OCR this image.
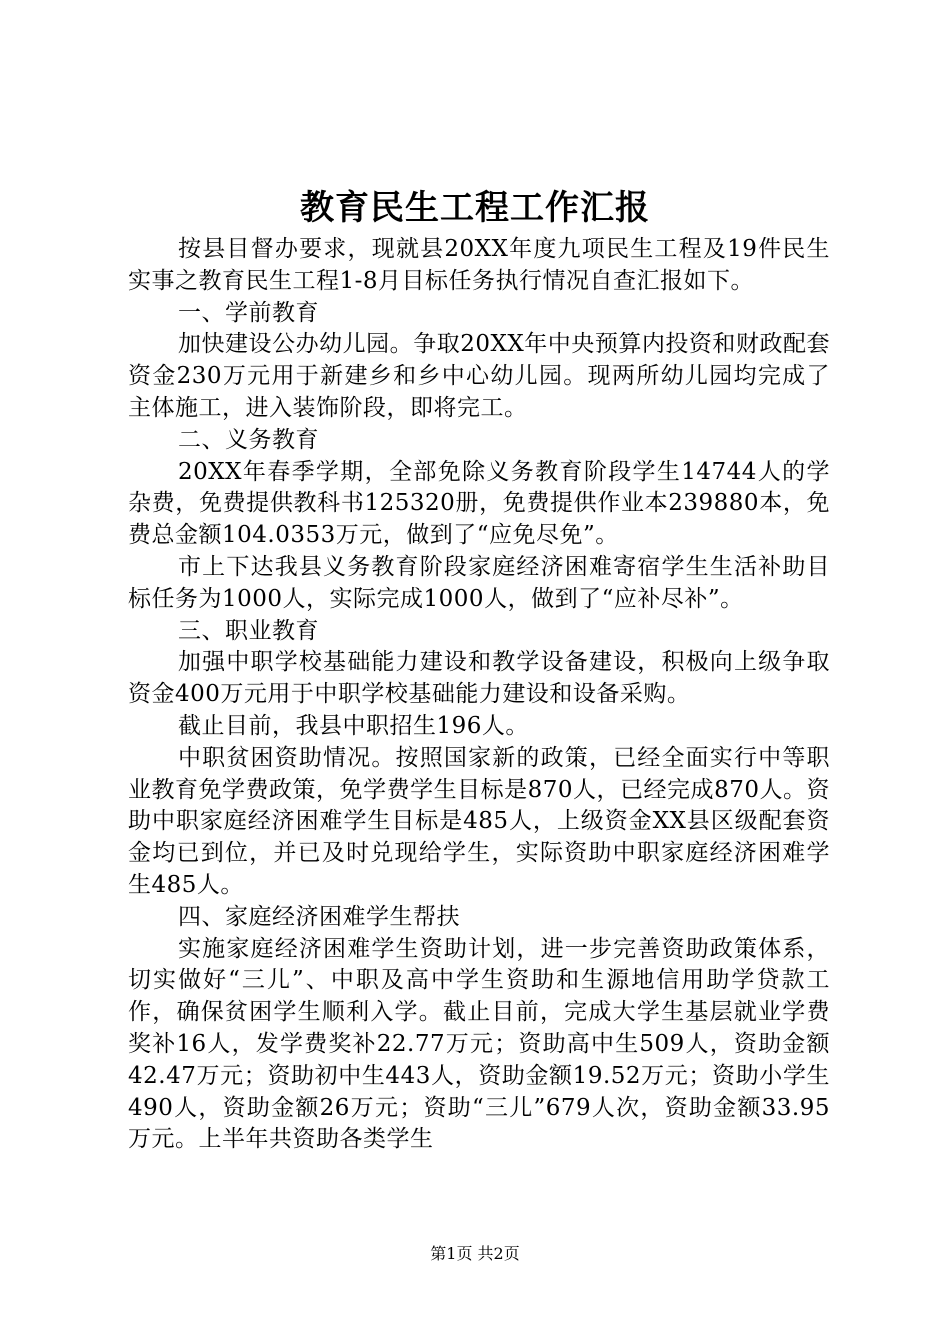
教育民生工程工作汇报

按县目督办要求，现就县20XX年度九项民生工程及19件民生实事之教育民生工程1-8月目标任务执行情况自查汇报如下。

一、学前教育

加快建设公办幼儿园。争取20XX年中央预算内投资和财政配套资金230万元用于新建乡和乡中心幼儿园。现两所幼儿园均完成了主体施工，进入装饰阶段，即将完工。

二、义务教育

20XX年春季学期，全部免除义务教育阶段学生14744人的学杂费，免费提供教科书125320册，免费提供作业本239880本，免费总金额104.0353万元，做到了“应免尽免”。

市上下达我县义务教育阶段家庭经济困难寄宿学生生活补助目标任务为1000人，实际完成1000人，做到了“应补尽补”。

三、职业教育

加强中职学校基础能力建设和教学设备建设，积极向上级争取资金400万元用于中职学校基础能力建设和设备采购。

截止目前，我县中职招生196人。

中职贫困资助情况。按照国家新的政策，已经全面实行中等职业教育免学费政策，免学费学生目标是870人，已经完成870人。资助中职家庭经济困难学生目标是485人，上级资金XX县区级配套资金均已到位，并已及时兑现给学生，实际资助中职家庭经济困难学生485人。

四、家庭经济困难学生帮扶

实施家庭经济困难学生资助计划，进一步完善资助政策体系，切实做好“三儿”、中职及高中学生资助和生源地信用助学贷款工作，确保贫困学生顺利入学。截止目前，完成大学生基层就业学费奖补16人，发学费奖补22.77万元；资助高中生509人，资助金额42.47万元；资助初中生443人，资助金额19.52万元；资助小学生490人，资助金额26万元；资助“三儿”679人次，资助金额33.95万元。上半年共资助各类学生

第1页 共2页
